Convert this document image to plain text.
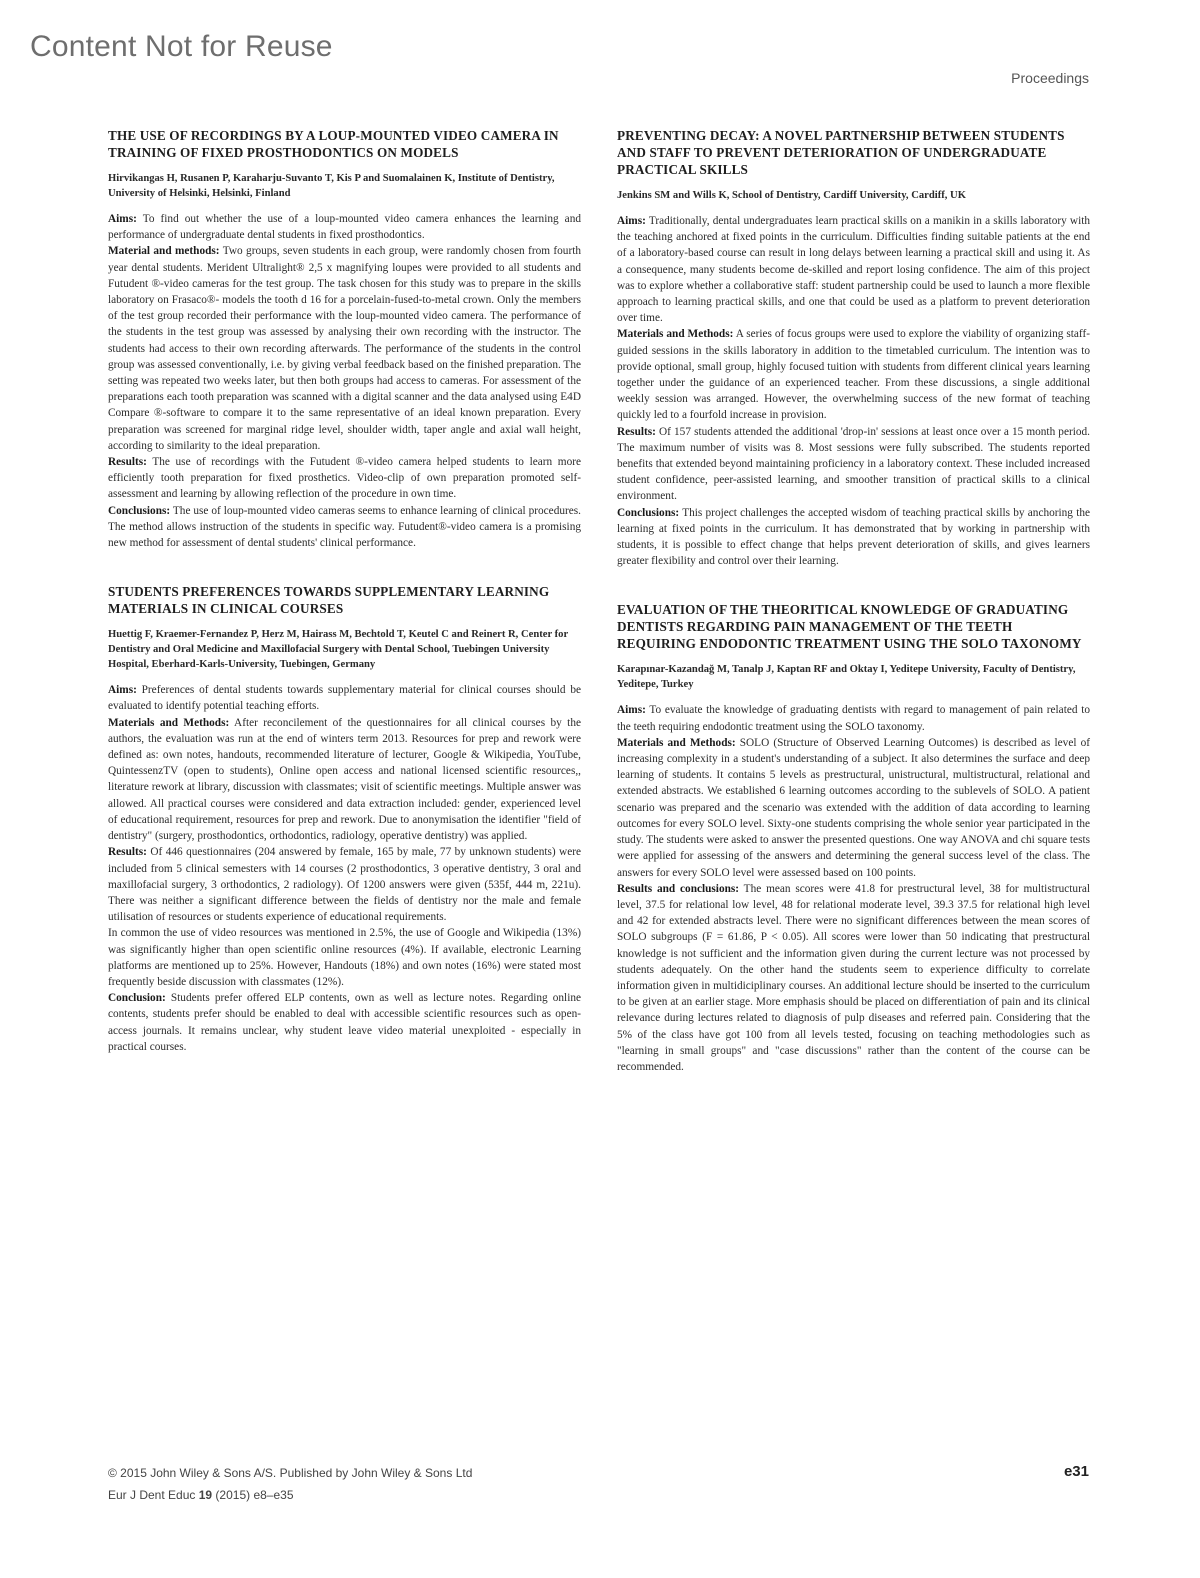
Content Not for Reuse
Proceedings
THE USE OF RECORDINGS BY A LOUP-MOUNTED VIDEO CAMERA IN TRAINING OF FIXED PROSTHODONTICS ON MODELS
Hirvikangas H, Rusanen P, Karaharju-Suvanto T, Kis P and Suomalainen K, Institute of Dentistry, University of Helsinki, Helsinki, Finland

Aims: To find out whether the use of a loup-mounted video camera enhances the learning and performance of undergraduate dental students in fixed prosthodontics.

Material and methods: Two groups, seven students in each group, were randomly chosen from fourth year dental students. Merident Ultralight® 2,5 x magnifying loupes were provided to all students and Futudent ®-video cameras for the test group. The task chosen for this study was to prepare in the skills laboratory on Frasaco®- models the tooth d 16 for a porcelain-fused-to-metal crown. Only the members of the test group recorded their performance with the loup-mounted video camera. The performance of the students in the test group was assessed by analysing their own recording with the instructor. The students had access to their own recording afterwards. The performance of the students in the control group was assessed conventionally, i.e. by giving verbal feedback based on the finished preparation. The setting was repeated two weeks later, but then both groups had access to cameras. For assessment of the preparations each tooth preparation was scanned with a digital scanner and the data analysed using E4D Compare ®-software to compare it to the same representative of an ideal known preparation. Every preparation was screened for marginal ridge level, shoulder width, taper angle and axial wall height, according to similarity to the ideal preparation.

Results: The use of recordings with the Futudent ®-video camera helped students to learn more efficiently tooth preparation for fixed prosthetics. Video-clip of own preparation promoted self-assessment and learning by allowing reflection of the procedure in own time.

Conclusions: The use of loup-mounted video cameras seems to enhance learning of clinical procedures. The method allows instruction of the students in specific way. Futudent®-video camera is a promising new method for assessment of dental students' clinical performance.

STUDENTS PREFERENCES TOWARDS SUPPLEMENTARY LEARNING MATERIALS IN CLINICAL COURSES
Huettig F, Kraemer-Fernandez P, Herz M, Hairass M, Bechtold T, Keutel C and Reinert R, Center for Dentistry and Oral Medicine and Maxillofacial Surgery with Dental School, Tuebingen University Hospital, Eberhard-Karls-University, Tuebingen, Germany

Aims: Preferences of dental students towards supplementary material for clinical courses should be evaluated to identify potential teaching efforts.

Materials and Methods: After reconcilement of the questionnaires for all clinical courses by the authors, the evaluation was run at the end of winters term 2013. Resources for prep and rework were defined as: own notes, handouts, recommended literature of lecturer, Google & Wikipedia, YouTube, QuintessenzTV (open to students), Online open access and national licensed scientific resources,, literature rework at library, discussion with classmates; visit of scientific meetings. Multiple answer was allowed. All practical courses were considered and data extraction included: gender, experienced level of educational requirement, resources for prep and rework. Due to anonymisation the identifier "field of dentistry" (surgery, prosthodontics, orthodontics, radiology, operative dentistry) was applied.

Results: Of 446 questionnaires (204 answered by female, 165 by male, 77 by unknown students) were included from 5 clinical semesters with 14 courses (2 prosthodontics, 3 operative dentistry, 3 oral and maxillofacial surgery, 3 orthodontics, 2 radiology). Of 1200 answers were given (535f, 444 m, 221u). There was neither a significant difference between the fields of dentistry nor the male and female utilisation of resources or students experience of educational requirements.

In common the use of video resources was mentioned in 2.5%, the use of Google and Wikipedia (13%) was significantly higher than open scientific online resources (4%). If available, electronic Learning platforms are mentioned up to 25%. However, Handouts (18%) and own notes (16%) were stated most frequently beside discussion with classmates (12%).

Conclusion: Students prefer offered ELP contents, own as well as lecture notes. Regarding online contents, students prefer should be enabled to deal with accessible scientific resources such as open-access journals. It remains unclear, why student leave video material unexploited - especially in practical courses.

PREVENTING DECAY: A NOVEL PARTNERSHIP BETWEEN STUDENTS AND STAFF TO PREVENT DETERIORATION OF UNDERGRADUATE PRACTICAL SKILLS
Jenkins SM and Wills K, School of Dentistry, Cardiff University, Cardiff, UK

Aims: Traditionally, dental undergraduates learn practical skills on a manikin in a skills laboratory with the teaching anchored at fixed points in the curriculum. Difficulties finding suitable patients at the end of a laboratory-based course can result in long delays between learning a practical skill and using it. As a consequence, many students become de-skilled and report losing confidence. The aim of this project was to explore whether a collaborative staff: student partnership could be used to launch a more flexible approach to learning practical skills, and one that could be used as a platform to prevent deterioration over time.

Materials and Methods: A series of focus groups were used to explore the viability of organizing staff-guided sessions in the skills laboratory in addition to the timetabled curriculum. The intention was to provide optional, small group, highly focused tuition with students from different clinical years learning together under the guidance of an experienced teacher. From these discussions, a single additional weekly session was arranged. However, the overwhelming success of the new format of teaching quickly led to a fourfold increase in provision.

Results: Of 157 students attended the additional 'drop-in' sessions at least once over a 15 month period. The maximum number of visits was 8. Most sessions were fully subscribed. The students reported benefits that extended beyond maintaining proficiency in a laboratory context. These included increased student confidence, peer-assisted learning, and smoother transition of practical skills to a clinical environment.

Conclusions: This project challenges the accepted wisdom of teaching practical skills by anchoring the learning at fixed points in the curriculum. It has demonstrated that by working in partnership with students, it is possible to effect change that helps prevent deterioration of skills, and gives learners greater flexibility and control over their learning.

EVALUATION OF THE THEORITICAL KNOWLEDGE OF GRADUATING DENTISTS REGARDING PAIN MANAGEMENT OF THE TEETH REQUIRING ENDODONTIC TREATMENT USING THE SOLO TAXONOMY
Karapınar-Kazandağ M, Tanalp J, Kaptan RF and Oktay I, Yeditepe University, Faculty of Dentistry, Yeditepe, Turkey

Aims: To evaluate the knowledge of graduating dentists with regard to management of pain related to the teeth requiring endodontic treatment using the SOLO taxonomy.

Materials and Methods: SOLO (Structure of Observed Learning Outcomes) is described as level of increasing complexity in a student's understanding of a subject. It also determines the surface and deep learning of students. It contains 5 levels as prestructural, unistructural, multistructural, relational and extended abstracts. We established 6 learning outcomes according to the sublevels of SOLO. A patient scenario was prepared and the scenario was extended with the addition of data according to learning outcomes for every SOLO level. Sixty-one students comprising the whole senior year participated in the study. The students were asked to answer the presented questions. One way ANOVA and chi square tests were applied for assessing of the answers and determining the general success level of the class. The answers for every SOLO level were assessed based on 100 points.

Results and conclusions: The mean scores were 41.8 for prestructural level, 38 for multistructural level, 37.5 for relational low level, 48 for relational moderate level, 39.3 37.5 for relational high level and 42 for extended abstracts level. There were no significant differences between the mean scores of SOLO subgroups (F = 61.86, P < 0.05). All scores were lower than 50 indicating that prestructural knowledge is not sufficient and the information given during the current lecture was not processed by students adequately. On the other hand the students seem to experience difficulty to correlate information given in multidiciplinary courses. An additional lecture should be inserted to the curriculum to be given at an earlier stage. More emphasis should be placed on differentiation of pain and its clinical relevance during lectures related to diagnosis of pulp diseases and referred pain. Considering that the 5% of the class have got 100 from all levels tested, focusing on teaching methodologies such as "learning in small groups" and "case discussions" rather than the content of the course can be recommended.

© 2015 John Wiley & Sons A/S. Published by John Wiley & Sons Ltd
Eur J Dent Educ 19 (2015) e8–e35
e31
